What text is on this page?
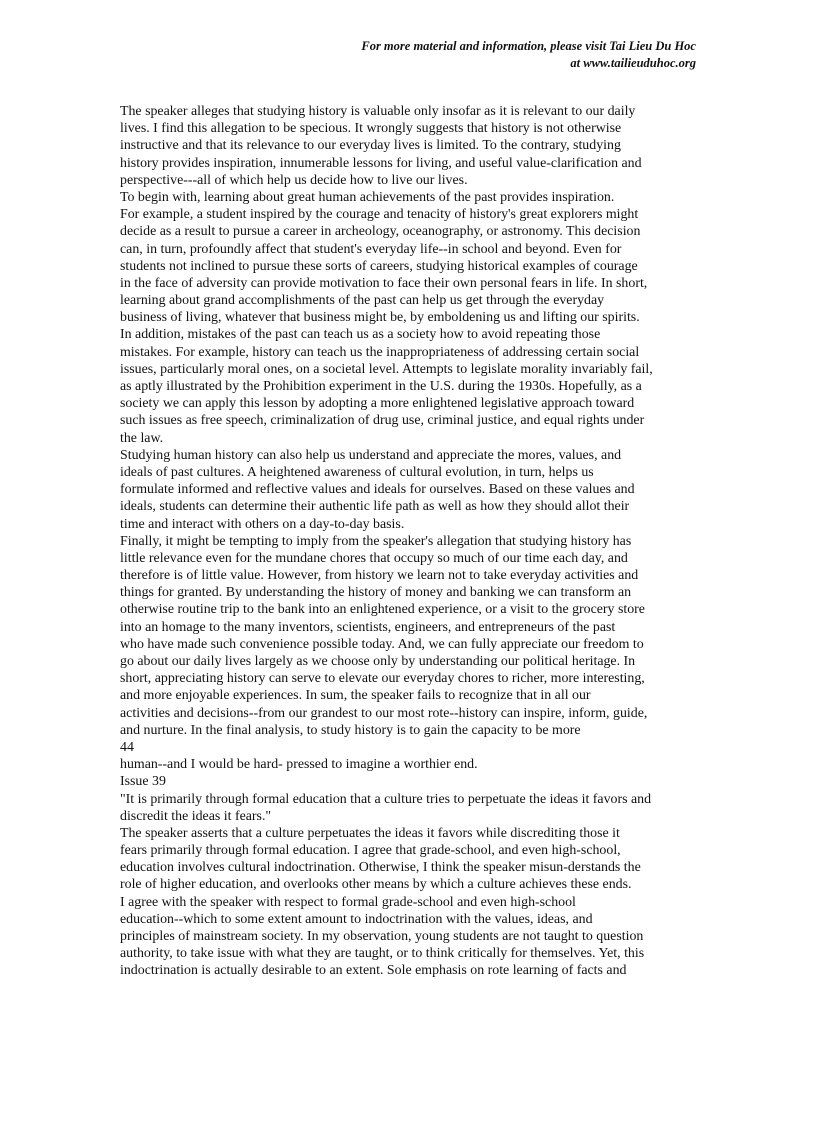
For more material and information, please visit Tai Lieu Du Hoc
at www.tailieuduhoc.org
The speaker alleges that studying history is valuable only insofar as it is relevant to our daily
lives. I find this allegation to be specious. It wrongly suggests that history is not otherwise
instructive and that its relevance to our everyday lives is limited. To the contrary, studying
history provides inspiration, innumerable lessons for living, and useful value-clarification and
perspective---all of which help us decide how to live our lives.
To begin with, learning about great human achievements of the past provides inspiration.
For example, a student inspired by the courage and tenacity of history's great explorers might
decide as a result to pursue a career in archeology, oceanography, or astronomy. This decision
can, in turn, profoundly affect that student's everyday life--in school and beyond. Even for
students not inclined to pursue these sorts of careers, studying historical examples of courage
in the face of adversity can provide motivation to face their own personal fears in life. In short,
learning about grand accomplishments of the past can help us get through the everyday
business of living, whatever that business might be, by emboldening us and lifting our spirits.
In addition, mistakes of the past can teach us as a society how to avoid repeating those
mistakes. For example, history can teach us the inappropriateness of addressing certain social
issues, particularly moral ones, on a societal level. Attempts to legislate morality invariably fail,
as aptly illustrated by the Prohibition experiment in the U.S. during the 1930s. Hopefully, as a
society we can apply this lesson by adopting a more enlightened legislative approach toward
such issues as free speech, criminalization of drug use, criminal justice, and equal rights under
the law.
Studying human history can also help us understand and appreciate the mores, values, and
ideals of past cultures. A heightened awareness of cultural evolution, in turn, helps us
formulate informed and reflective values and ideals for ourselves. Based on these values and
ideals, students can determine their authentic life path as well as how they should allot their
time and interact with others on a day-to-day basis.
Finally, it might be tempting to imply from the speaker's allegation that studying history has
little relevance even for the mundane chores that occupy so much of our time each day, and
therefore is of little value. However, from history we learn not to take everyday activities and
things for granted. By understanding the history of money and banking we can transform an
otherwise routine trip to the bank into an enlightened experience, or a visit to the grocery store
into an homage to the many inventors, scientists, engineers, and entrepreneurs of the past
who have made such convenience possible today. And, we can fully appreciate our freedom to
go about our daily lives largely as we choose only by understanding our political heritage. In
short, appreciating history can serve to elevate our everyday chores to richer, more interesting,
and more enjoyable experiences. In sum, the speaker fails to recognize that in all our
activities and decisions--from our grandest to our most rote--history can inspire, inform, guide,
and nurture. In the final analysis, to study history is to gain the capacity to be more
44
human--and I would be hard- pressed to imagine a worthier end.
Issue 39
"It is primarily through formal education that a culture tries to perpetuate the ideas it favors and
discredit the ideas it fears."
The speaker asserts that a culture perpetuates the ideas it favors while discrediting those it
fears primarily through formal education. I agree that grade-school, and even high-school,
education involves cultural indoctrination. Otherwise, I think the speaker misun-derstands the
role of higher education, and overlooks other means by which a culture achieves these ends.
I agree with the speaker with respect to formal grade-school and even high-school
education--which to some extent amount to indoctrination with the values, ideas, and
principles of mainstream society. In my observation, young students are not taught to question
authority, to take issue with what they are taught, or to think critically for themselves. Yet, this
indoctrination is actually desirable to an extent. Sole emphasis on rote learning of facts and
